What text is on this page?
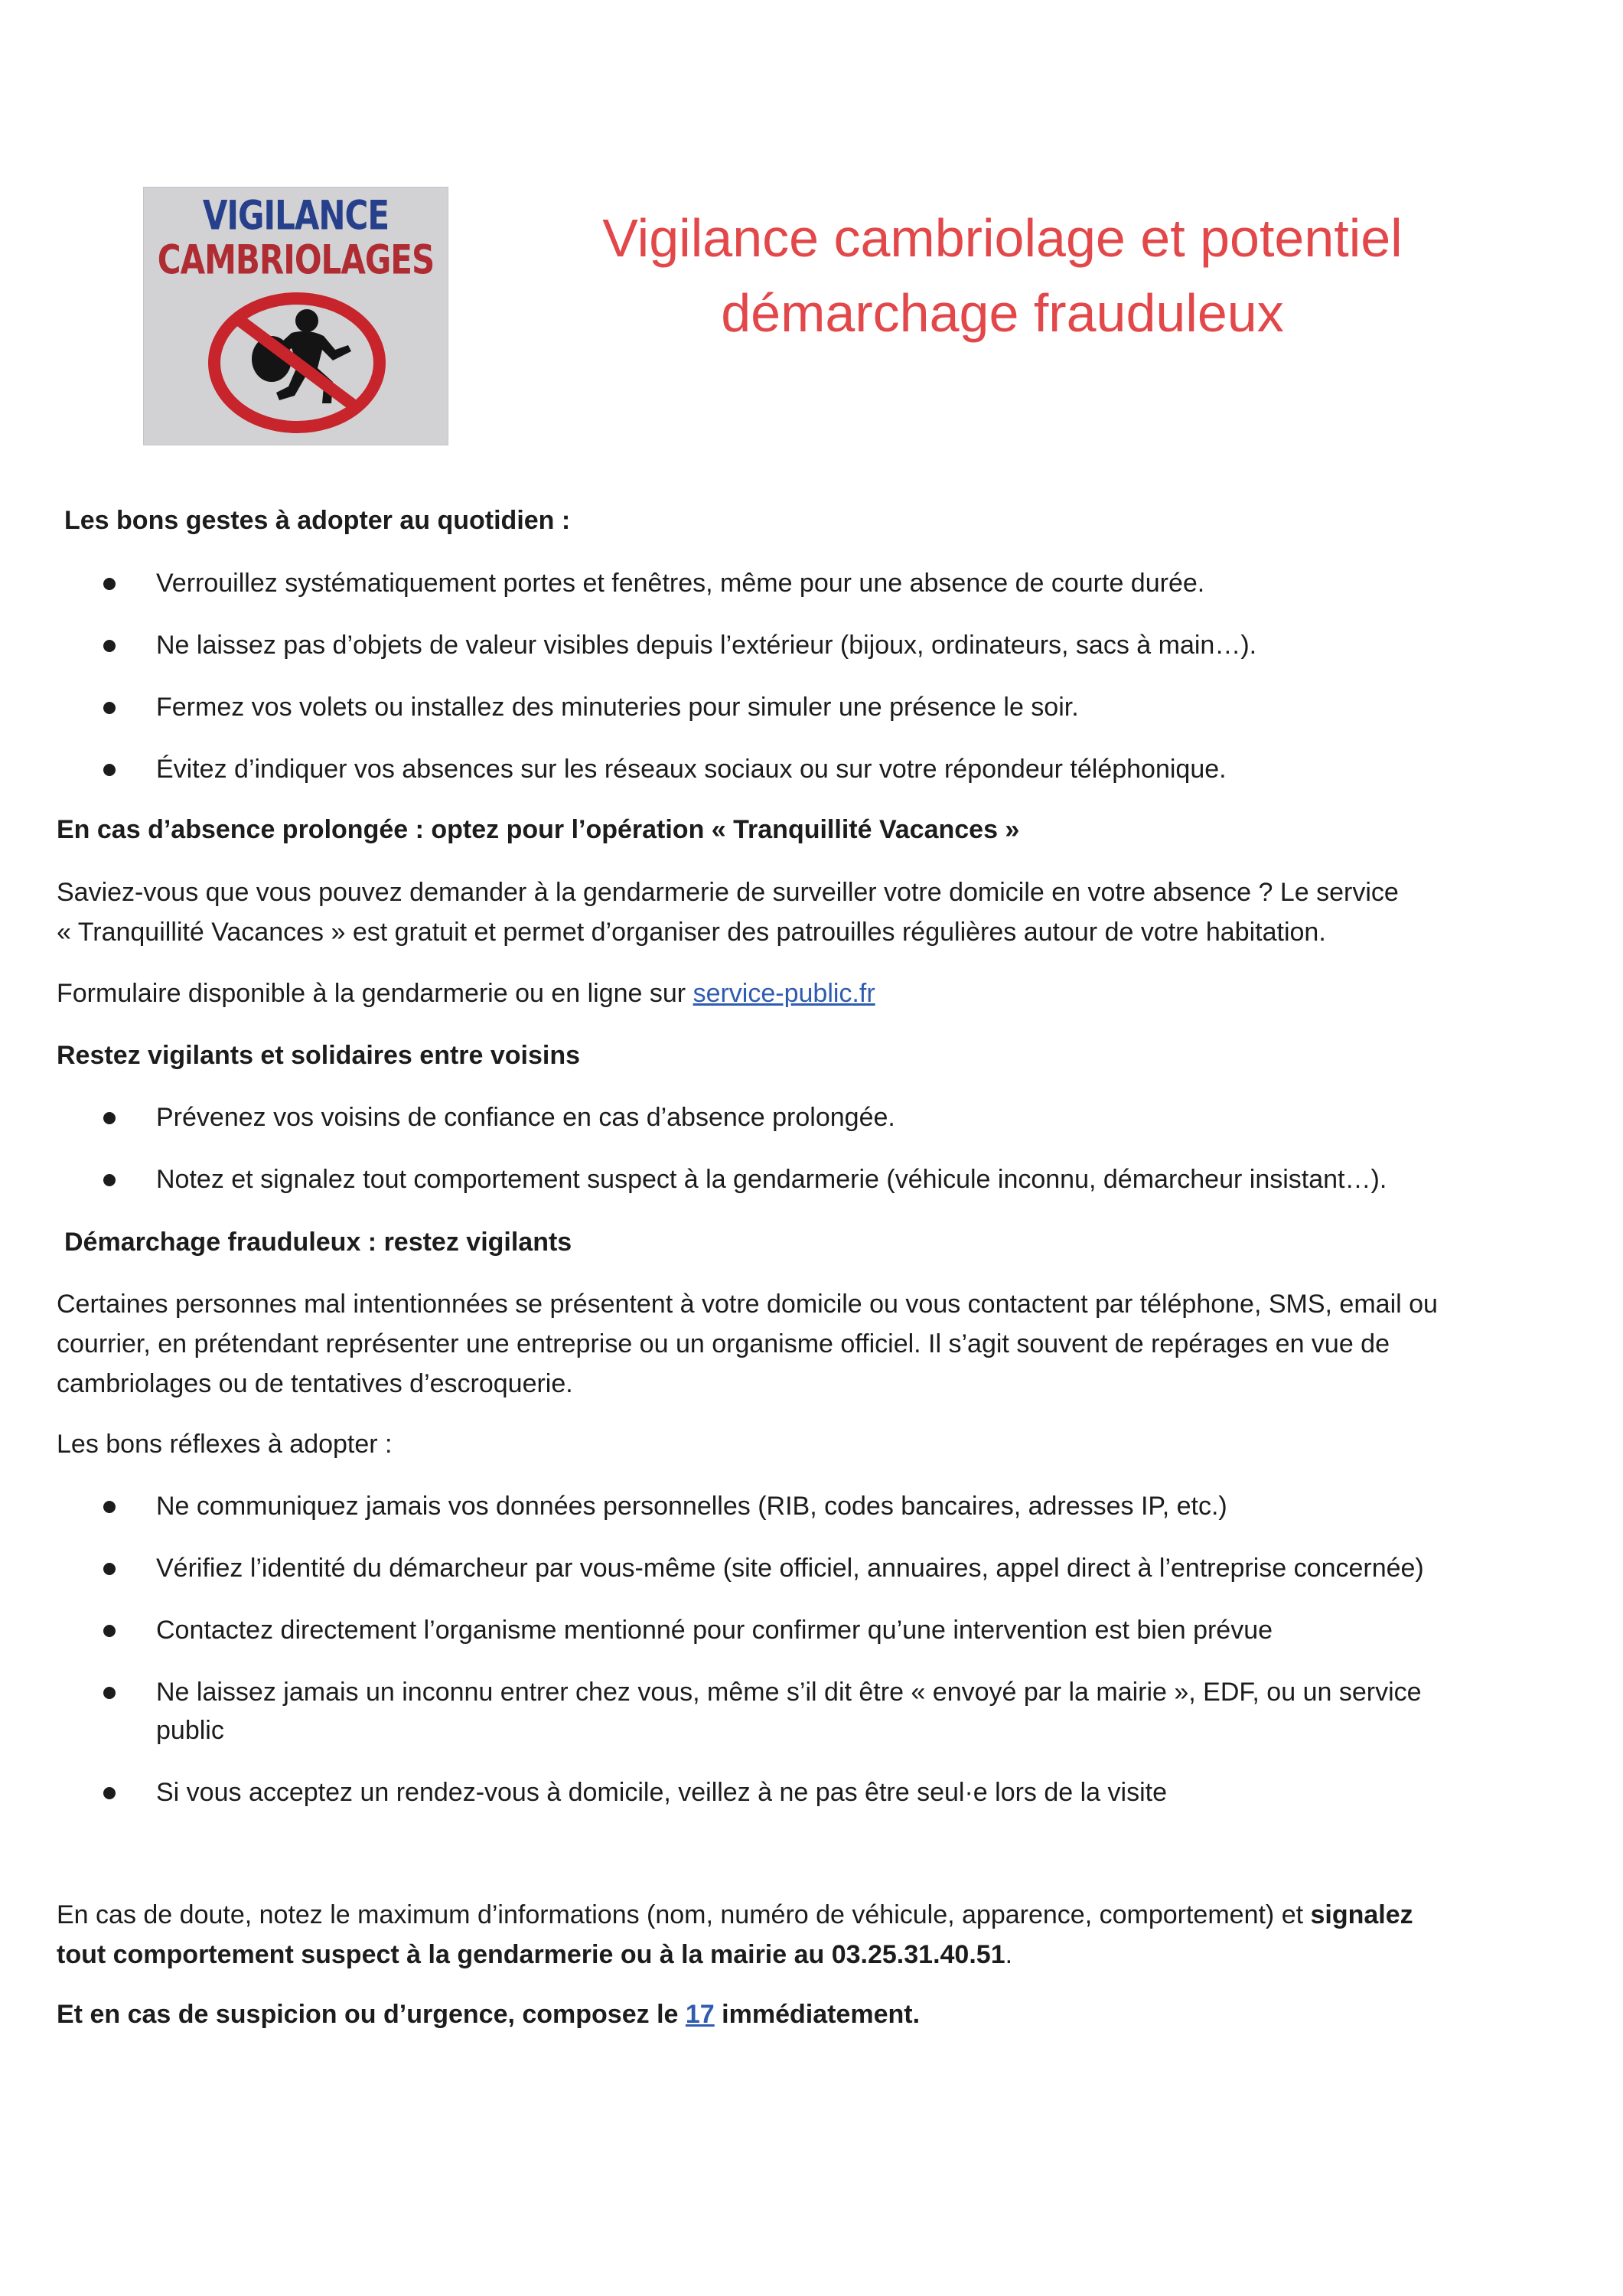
VIGILANCE
CAMBRIOLAGES	Vigilance cambriolage et potentiel
démarchage frauduleux
Les bons gestes à adopter au quotidien :
Verrouillez systématiquement portes et fenêtres, même pour une absence de courte durée.
Ne laissez pas d’objets de valeur visibles depuis l’extérieur (bijoux, ordinateurs, sacs à main…).
Fermez vos volets ou installez des minuteries pour simuler une présence le soir.
Évitez d’indiquer vos absences sur les réseaux sociaux ou sur votre répondeur téléphonique.
En cas d’absence prolongée : optez pour l’opération « Tranquillité Vacances »
Saviez-vous que vous pouvez demander à la gendarmerie de surveiller votre domicile en votre absence ? Le service
« Tranquillité Vacances » est gratuit et permet d’organiser des patrouilles régulières autour de votre habitation.
Formulaire disponible à la gendarmerie ou en ligne sur service-public.fr
Restez vigilants et solidaires entre voisins
Prévenez vos voisins de confiance en cas d’absence prolongée.
Notez et signalez tout comportement suspect à la gendarmerie (véhicule inconnu, démarcheur insistant…).
Démarchage frauduleux : restez vigilants
Certaines personnes mal intentionnées se présentent à votre domicile ou vous contactent par téléphone, SMS, email ou
courrier, en prétendant représenter une entreprise ou un organisme officiel. Il s’agit souvent de repérages en vue de
cambriolages ou de tentatives d’escroquerie.
Les bons réflexes à adopter :
Ne communiquez jamais vos données personnelles (RIB, codes bancaires, adresses IP, etc.)
Vérifiez l’identité du démarcheur par vous-même (site officiel, annuaires, appel direct à l’entreprise concernée)
Contactez directement l’organisme mentionné pour confirmer qu’une intervention est bien prévue
Ne laissez jamais un inconnu entrer chez vous, même s’il dit être « envoyé par la mairie », EDF, ou un service
public
Si vous acceptez un rendez-vous à domicile, veillez à ne pas être seul·e lors de la visite
En cas de doute, notez le maximum d’informations (nom, numéro de véhicule, apparence, comportement) et signalez
tout comportement suspect à la gendarmerie ou à la mairie au 03.25.31.40.51.
Et en cas de suspicion ou d’urgence, composez le 17 immédiatement.
